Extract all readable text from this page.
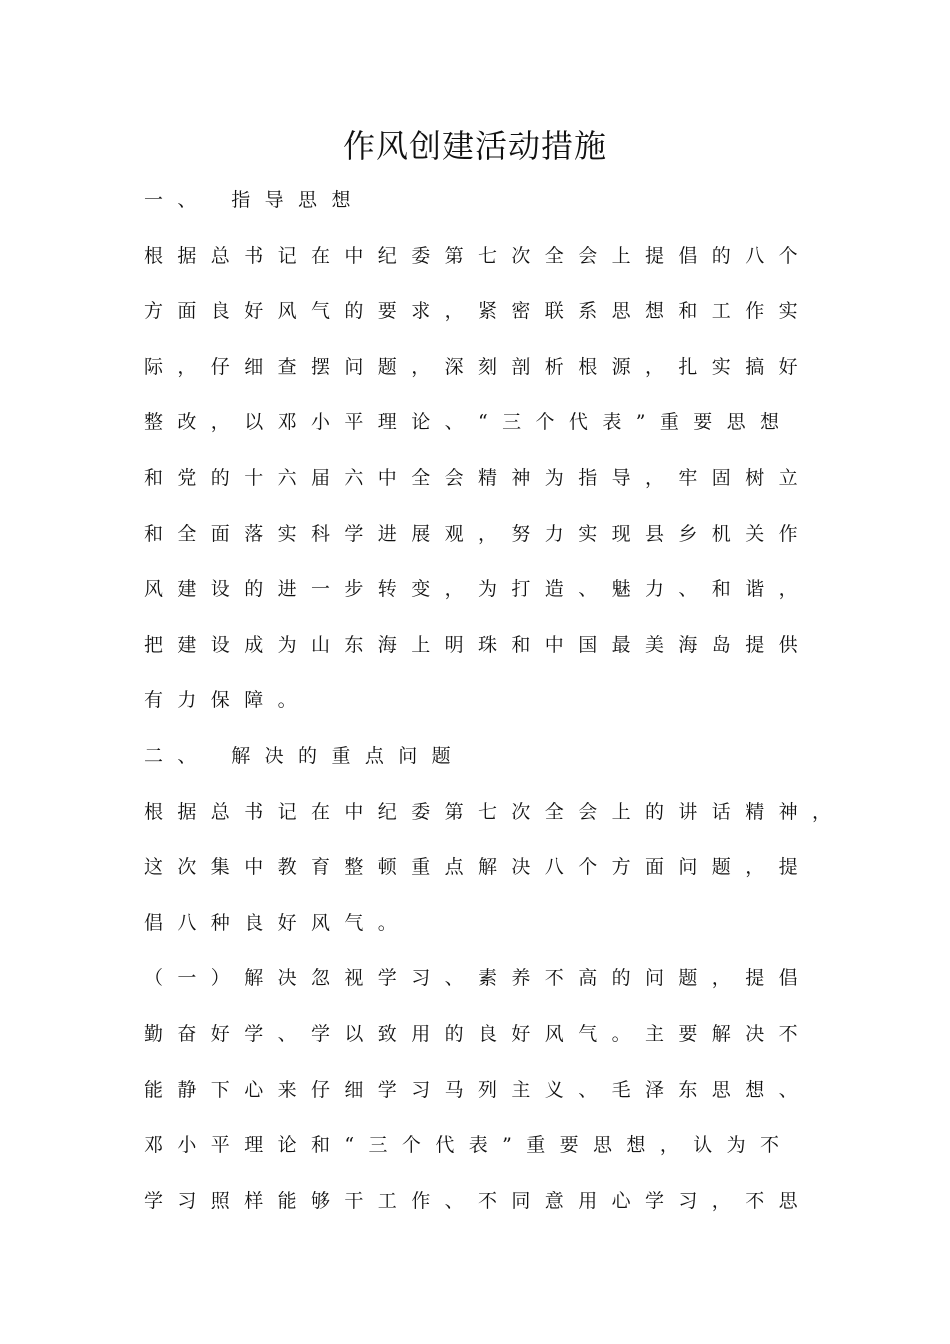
作风创建活动措施
一、 指导思想
根据总书记在中纪委第七次全会上提倡的八个
方面良好风气的要求，紧密联系思想和工作实
际，仔细查摆问题，深刻剖析根源，扎实搞好
整改，以邓小平理论、“三个代表”重要思想
和党的十六届六中全会精神为指导，牢固树立
和全面落实科学进展观，努力实现县乡机关作
风建设的进一步转变，为打造、魅力、和谐，
把建设成为山东海上明珠和中国最美海岛提供
有力保障。
二、 解决的重点问题
根据总书记在中纪委第七次全会上的讲话精神，
这次集中教育整顿重点解决八个方面问题，提
倡八种良好风气。
（一）解决忽视学习、素养不高的问题，提倡
勤奋好学、学以致用的良好风气。主要解决不
能静下心来仔细学习马列主义、毛泽东思想、
邓小平理论和“三个代表”重要思想，认为不
学习照样能够干工作、不同意用心学习，不思
